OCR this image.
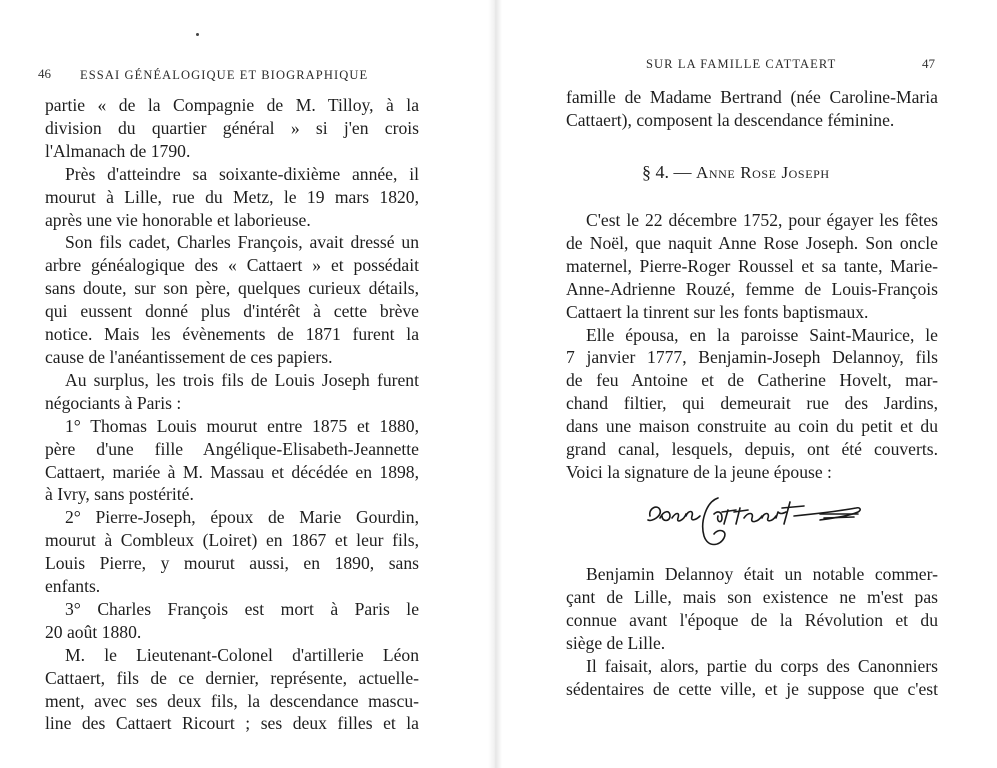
46 ESSAI GÉNÉALOGIQUE ET BIOGRAPHIQUE
partie « de la Compagnie de M. Tilloy, à la
division du quartier général » si j'en crois
l'Almanach de 1790.
Près d'atteindre sa soixante-dixième année, il
mourut à Lille, rue du Metz, le 19 mars 1820,
après une vie honorable et laborieuse.
Son fils cadet, Charles François, avait dressé un
arbre généalogique des « Cattaert » et possédait
sans doute, sur son père, quelques curieux détails,
qui eussent donné plus d'intérêt à cette brève
notice. Mais les évènements de 1871 furent la
cause de l'anéantissement de ces papiers.
Au surplus, les trois fils de Louis Joseph furent
négociants à Paris :
1° Thomas Louis mourut entre 1875 et 1880,
père d'une fille Angélique-Elisabeth-Jeannette
Cattaert, mariée à M. Massau et décédée en 1898,
à Ivry, sans postérité.
2° Pierre-Joseph, époux de Marie Gourdin,
mourut à Combleux (Loiret) en 1867 et leur fils,
Louis Pierre, y mourut aussi, en 1890, sans
enfants.
3° Charles François est mort à Paris le
20 août 1880.
M. le Lieutenant-Colonel d'artillerie Léon
Cattaert, fils de ce dernier, représente, actuelle-
ment, avec ses deux fils, la descendance mascu-
line des Cattaert Ricourt ; ses deux filles et la
SUR LA FAMILLE CATTAERT	47
famille de Madame Bertrand (née Caroline-Maria
Cattaert), composent la descendance féminine.
§ 4. — Anne Rose Joseph
C'est le 22 décembre 1752, pour égayer les fêtes
de Noël, que naquit Anne Rose Joseph. Son oncle
maternel, Pierre-Roger Roussel et sa tante, Marie-
Anne-Adrienne Rouzé, femme de Louis-François
Cattaert la tinrent sur les fonts baptismaux.
Elle épousa, en la paroisse Saint-Maurice, le
7 janvier 1777, Benjamin-Joseph Delannoy, fils
de feu Antoine et de Catherine Hovelt, mar-
chand filtier, qui demeurait rue des Jardins,
dans une maison construite au coin du petit et du
grand canal, lesquels, depuis, ont été couverts.
Voici la signature de la jeune épouse :
Benjamin Delannoy était un notable commer-
çant de Lille, mais son existence ne m'est pas
connue avant l'époque de la Révolution et du
siège de Lille.
Il faisait, alors, partie du corps des Canonniers
sédentaires de cette ville, et je suppose que c'est
